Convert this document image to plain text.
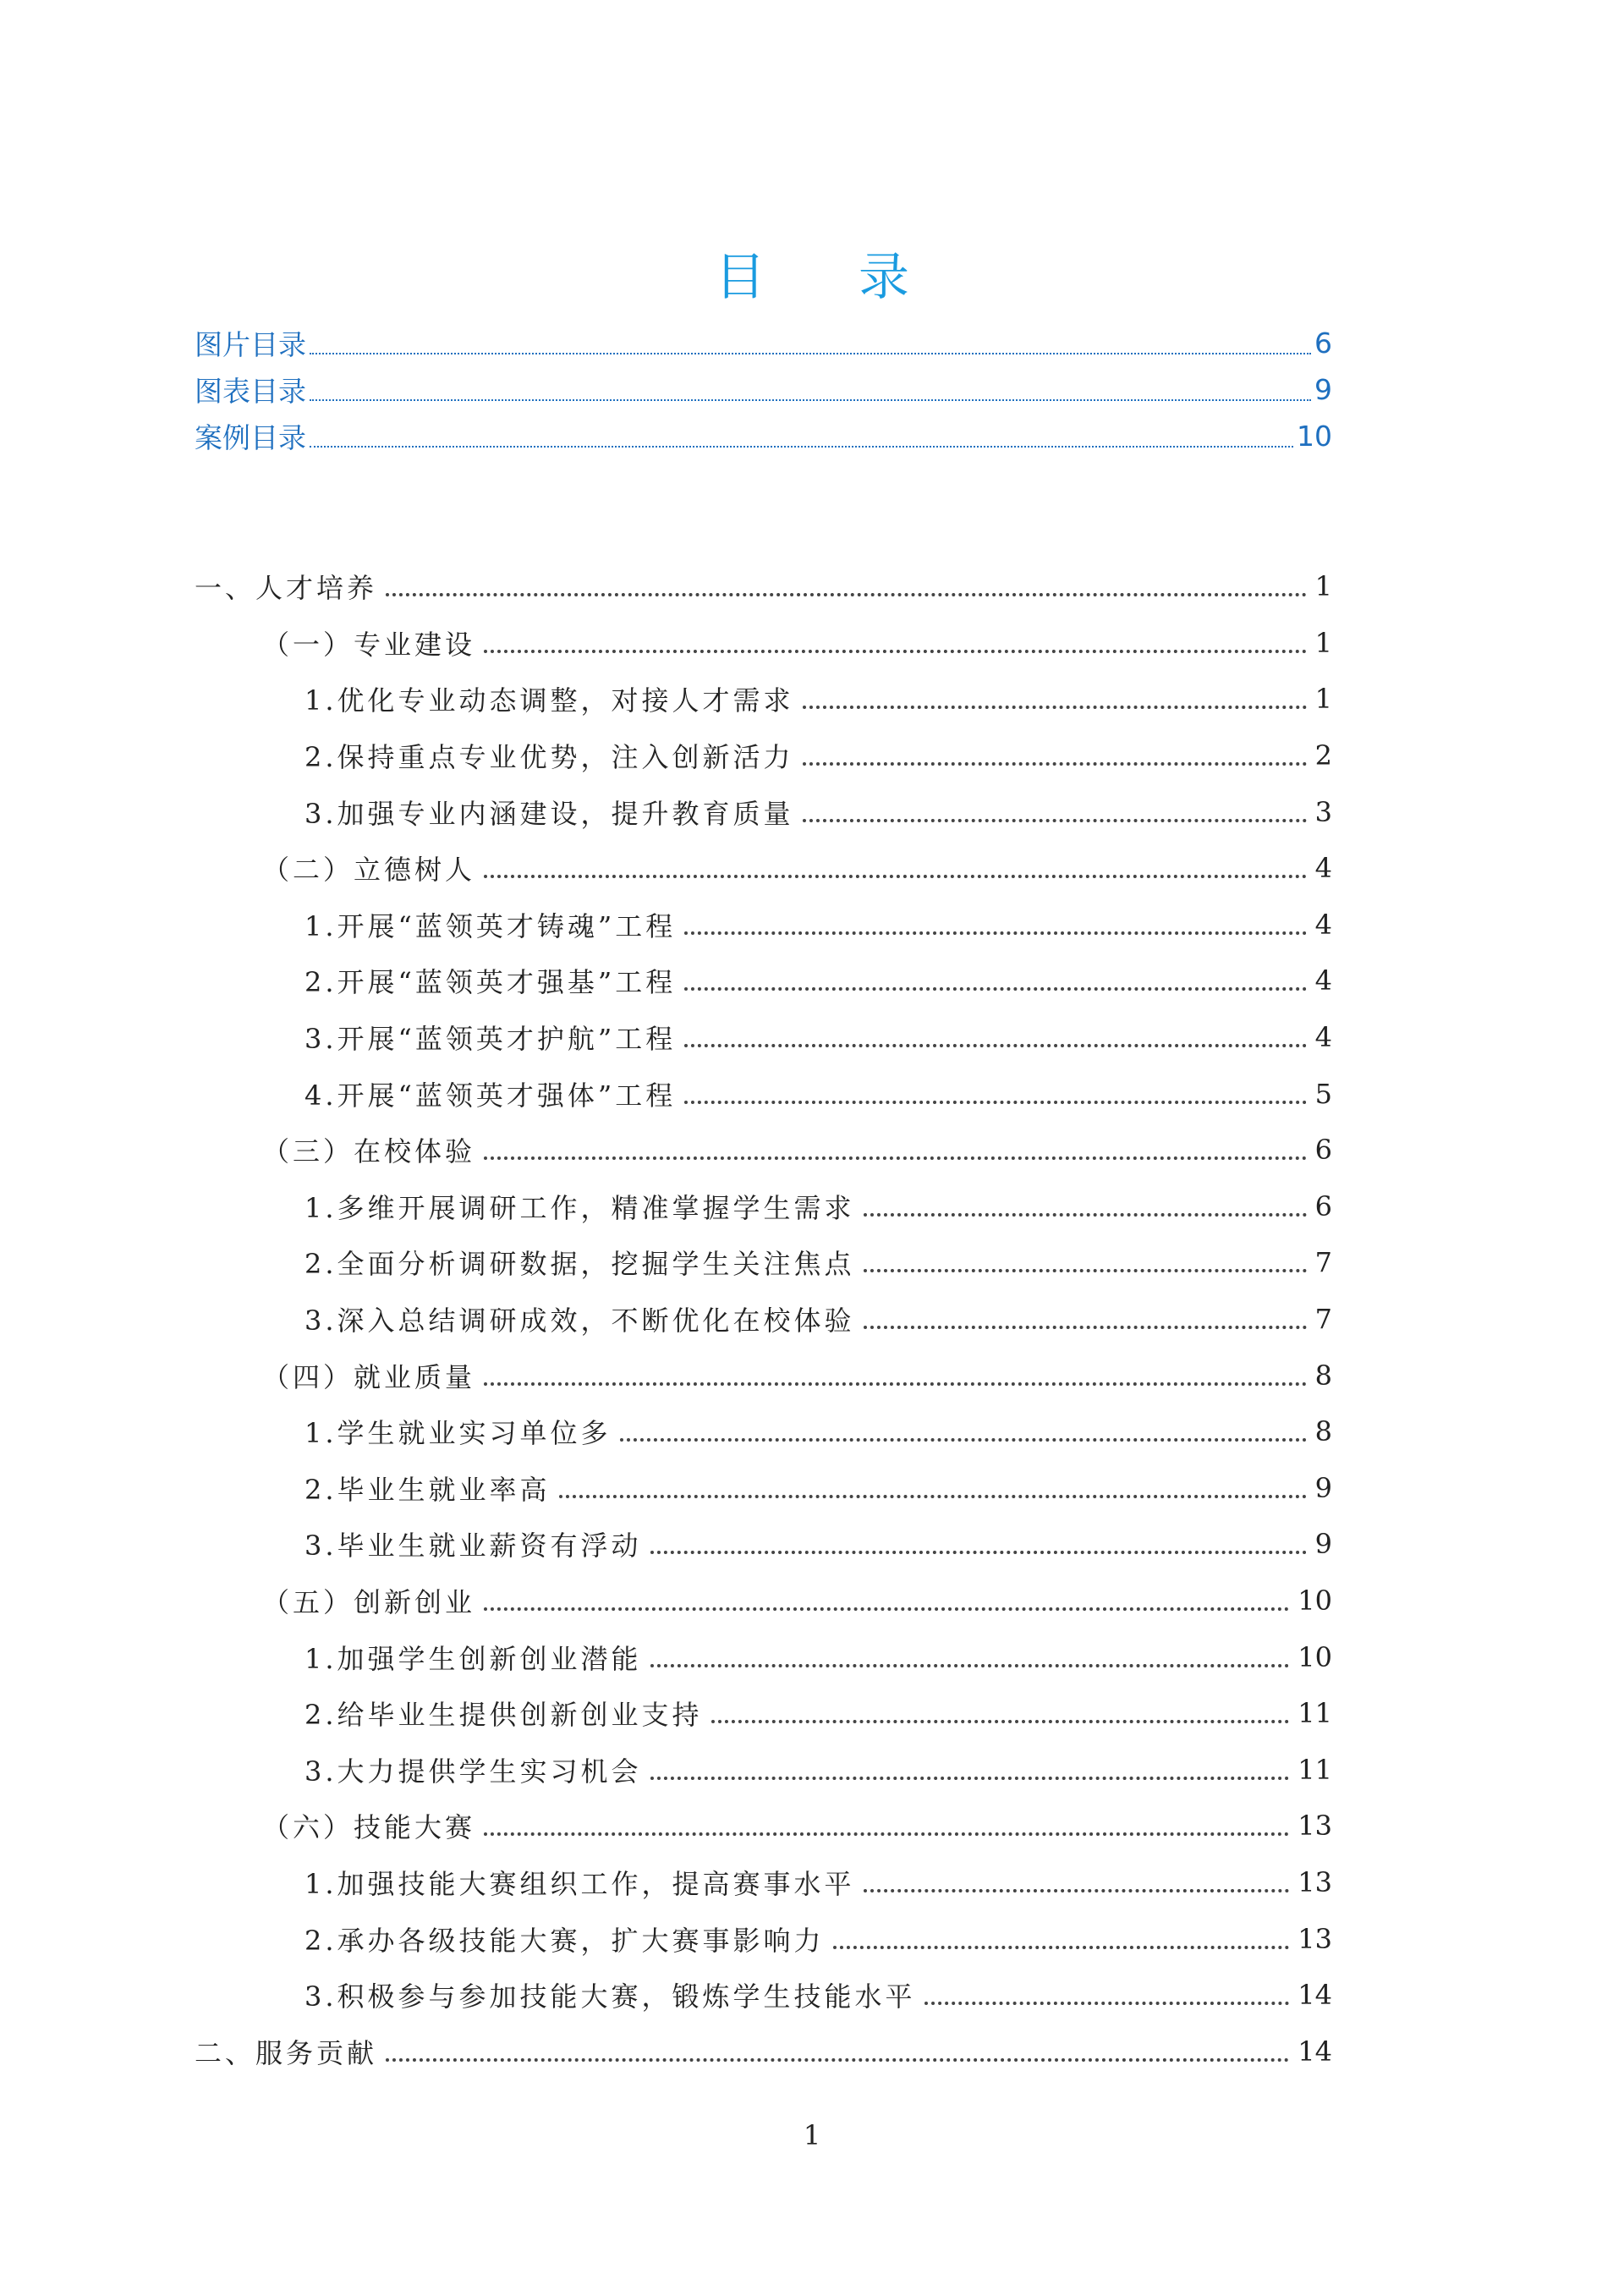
目 录
图片目录	6
图表目录	9
案例目录	10
一、人才培养	1
（一）专业建设	1
1.优化专业动态调整，对接人才需求	1
2.保持重点专业优势，注入创新活力	2
3.加强专业内涵建设，提升教育质量	3
（二）立德树人	4
1.开展“蓝领英才铸魂”工程	4
2.开展“蓝领英才强基”工程	4
3.开展“蓝领英才护航”工程	4
4.开展“蓝领英才强体”工程	5
（三）在校体验	6
1.多维开展调研工作，精准掌握学生需求	6
2.全面分析调研数据，挖掘学生关注焦点	7
3.深入总结调研成效，不断优化在校体验	7
（四）就业质量	8
1.学生就业实习单位多	8
2.毕业生就业率高	9
3.毕业生就业薪资有浮动	9
（五）创新创业	10
1.加强学生创新创业潜能	10
2.给毕业生提供创新创业支持	11
3.大力提供学生实习机会	11
（六）技能大赛	13
1.加强技能大赛组织工作，提高赛事水平	13
2.承办各级技能大赛，扩大赛事影响力	13
3.积极参与参加技能大赛，锻炼学生技能水平	14
二、服务贡献	14
1
